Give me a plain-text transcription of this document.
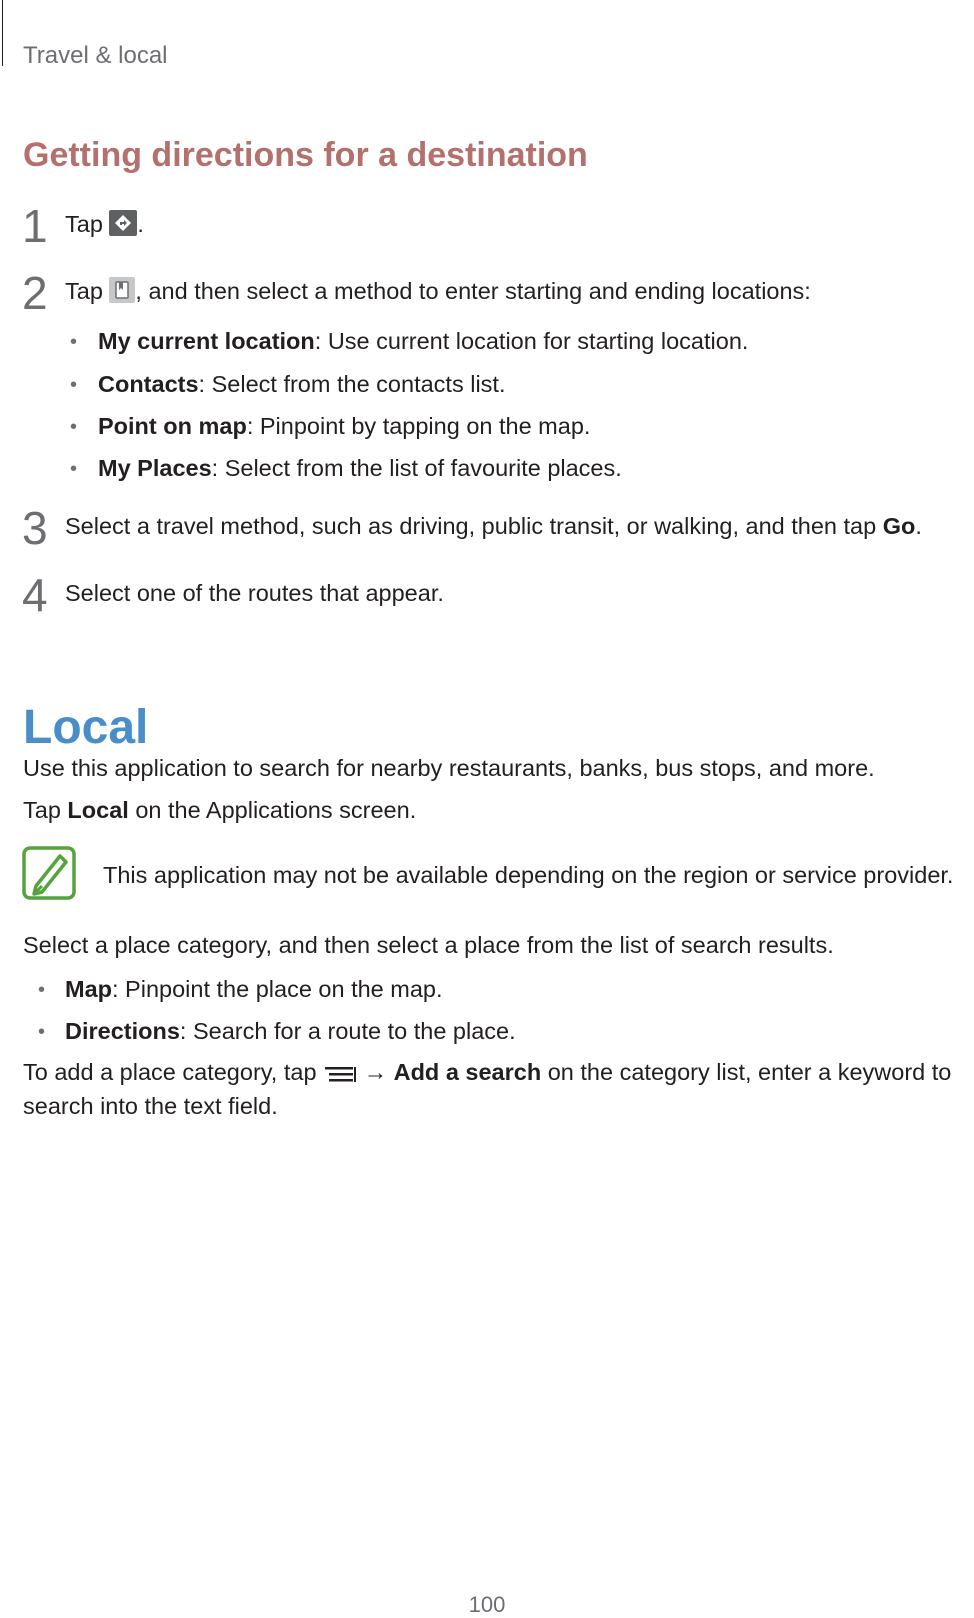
Travel & local
Getting directions for a destination
1 Tap .
2 Tap , and then select a method to enter starting and ending locations:
• My current location: Use current location for starting location.
• Contacts: Select from the contacts list.
• Point on map: Pinpoint by tapping on the map.
• My Places: Select from the list of favourite places.
3 Select a travel method, such as driving, public transit, or walking, and then tap Go.
4 Select one of the routes that appear.
Local
Use this application to search for nearby restaurants, banks, bus stops, and more.
Tap Local on the Applications screen.
This application may not be available depending on the region or service provider.
Select a place category, and then select a place from the list of search results.
• Map: Pinpoint the place on the map.
• Directions: Search for a route to the place.
To add a place category, tap  → Add a search on the category list, enter a keyword to
search into the text field.
100
